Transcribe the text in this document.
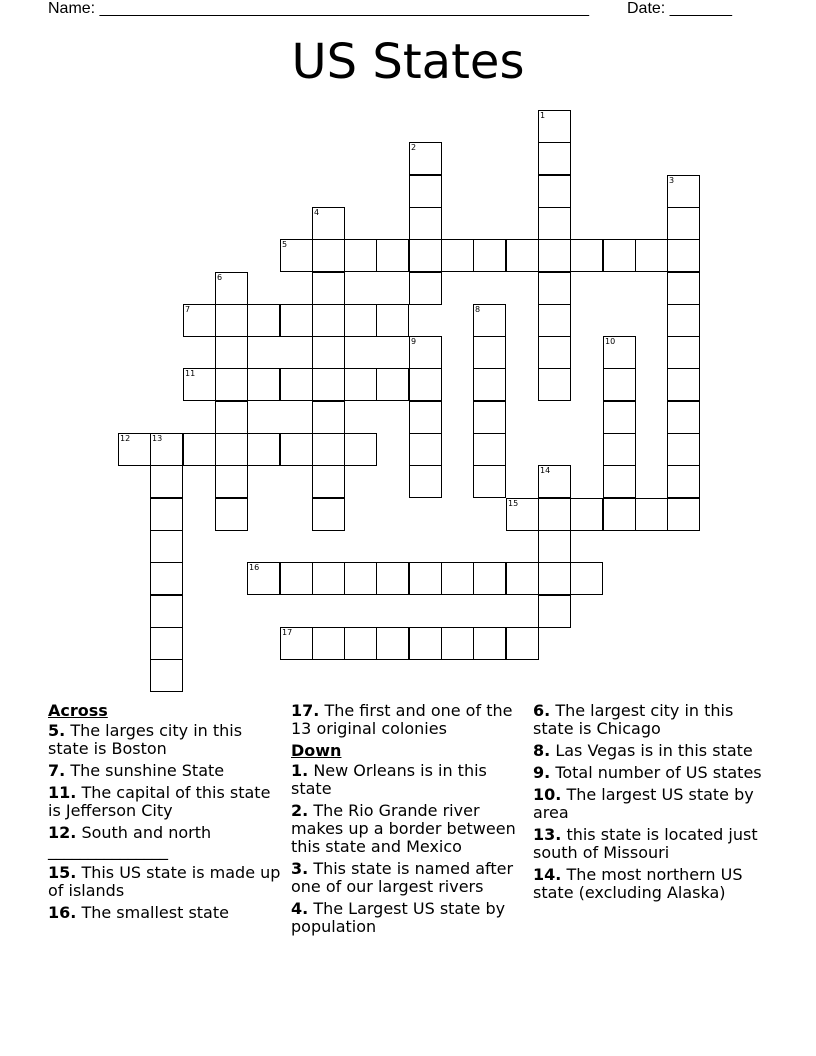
Name: _______________________________________________________ Date: _______
US States
1
2
3
4
5
6
7	8
9	10
11
12	13
14
15
16
17
Across
5. The larges city in this state is Boston
7. The sunshine State
11. The capital of this state is Jefferson City
12. South and north _______________
15. This US state is made up of islands
16. The smallest state
17. The first and one of the 13 original colonies
Down
1. New Orleans is in this state
2. The Rio Grande river makes up a border between this state and Mexico
3. This state is named after one of our largest rivers
4. The Largest US state by population
6. The largest city in this state is Chicago
8. Las Vegas is in this state
9. Total number of US states
10. The largest US state by area
13. this state is located just south of Missouri
14. The most northern US state (excluding Alaska)
